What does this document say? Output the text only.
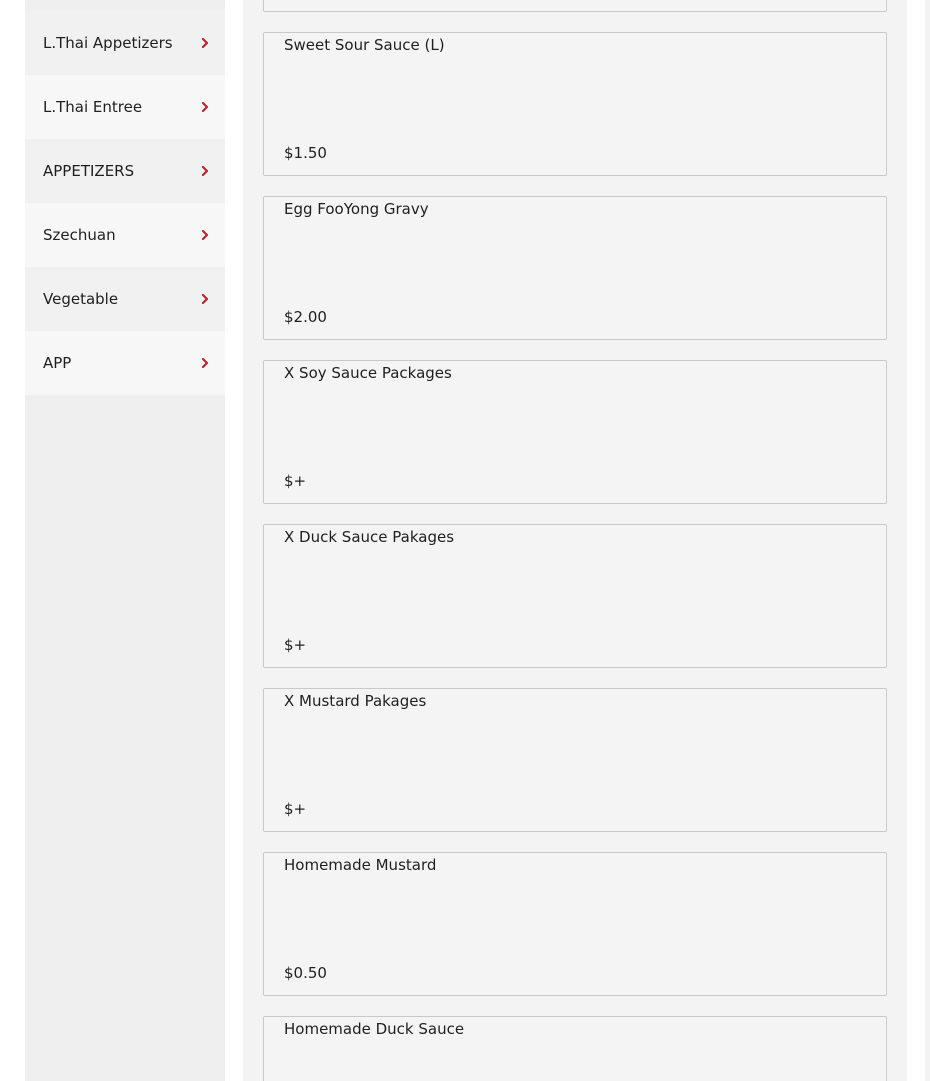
L.Thai Appetizers
L.Thai Entree
APPETIZERS
Szechuan
Vegetable
APP
Sweet Sour Sauce (L)
$1.50
Egg FooYong Gravy
$2.00
X Soy Sauce Packages
$+
X Duck Sauce Pakages
$+
X Mustard Pakages
$+
Homemade Mustard
$0.50
Homemade Duck Sauce
